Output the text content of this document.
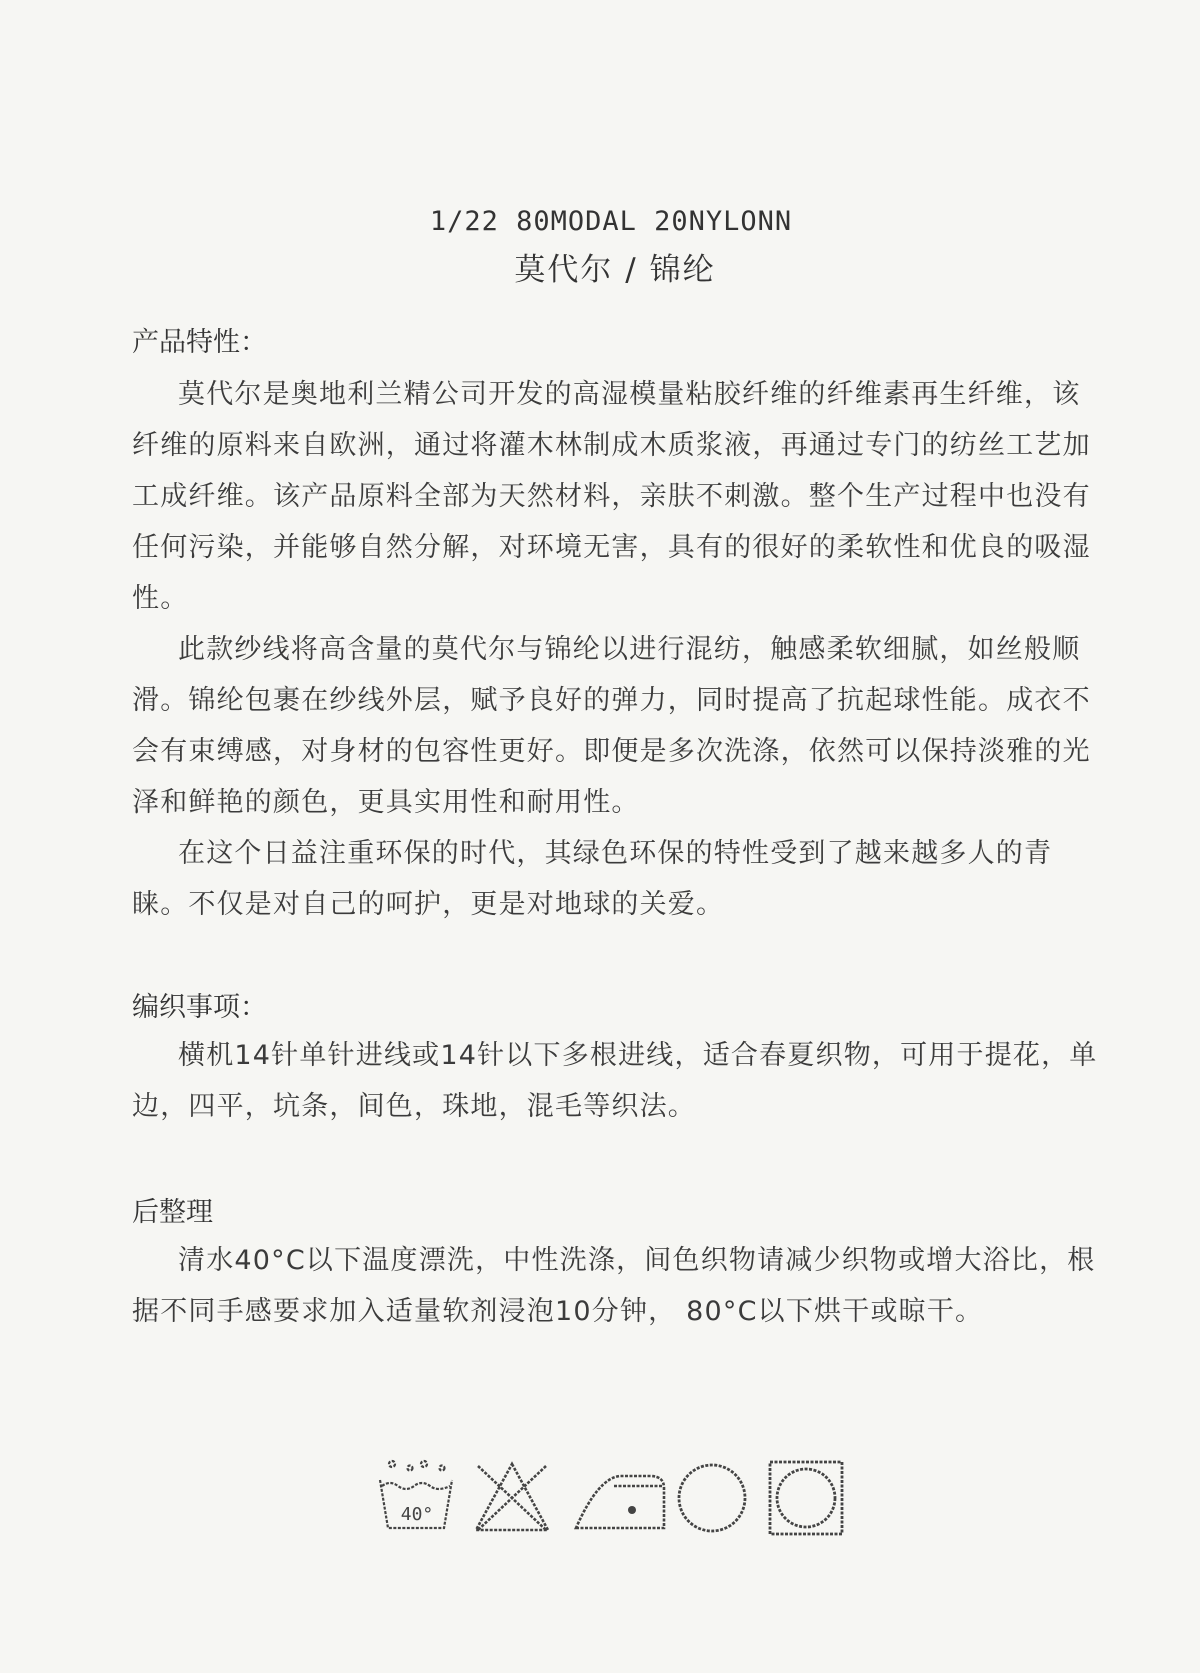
1/22 80MODAL 20NYLONN
莫代尔 / 锦纶

产品特性：

莫代尔是奥地利兰精公司开发的高湿模量粘胶纤维的纤维素再生纤维，该纤维的原料来自欧洲，通过将灌木林制成木质浆液，再通过专门的纺丝工艺加工成纤维。该产品原料全部为天然材料，亲肤不刺激。整个生产过程中也没有任何污染，并能够自然分解，对环境无害，具有的很好的柔软性和优良的吸湿性。

此款纱线将高含量的莫代尔与锦纶以进行混纺，触感柔软细腻，如丝般顺滑。锦纶包裹在纱线外层，赋予良好的弹力，同时提高了抗起球性能。成衣不会有束缚感，对身材的包容性更好。即便是多次洗涤，依然可以保持淡雅的光泽和鲜艳的颜色，更具实用性和耐用性。

在这个日益注重环保的时代，其绿色环保的特性受到了越来越多人的青睐。不仅是对自己的呵护，更是对地球的关爱。

编织事项：

横机14针单针进线或14针以下多根进线，适合春夏织物，可用于提花，单边，四平，坑条，间色，珠地，混毛等织法。

后整理

清水40°C以下温度漂洗，中性洗涤，间色织物请减少织物或增大浴比，根据不同手感要求加入适量软剂浸泡10分钟， 80°C以下烘干或晾干。

40°
